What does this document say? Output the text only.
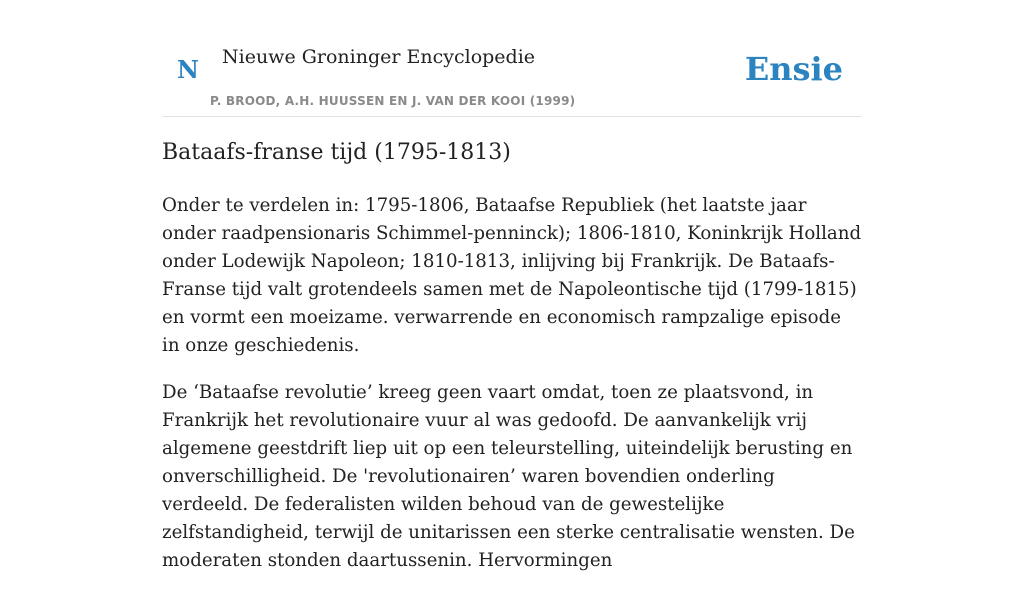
N Nieuwe Groninger Encyclopedie
P. BROOD, A.H. HUUSSEN EN J. VAN DER KOOI (1999)
Ensie
Bataafs-franse tijd (1795-1813)

Onder te verdelen in: 1795-1806, Bataafse Republiek (het laatste jaar onder raadpensionaris Schimmel-penninck); 1806-1810, Koninkrijk Holland onder Lodewijk Napoleon; 1810-1813, inlijving bij Frankrijk. De Bataafs-Franse tijd valt grotendeels samen met de Napoleontische tijd (1799-1815) en vormt een moeizame. verwarrende en economisch rampzalige episode in onze geschiedenis.

De ‘Bataafse revolutie’ kreeg geen vaart omdat, toen ze plaatsvond, in Frankrijk het revolutionaire vuur al was gedoofd. De aanvankelijk vrij algemene geestdrift liep uit op een teleurstelling, uiteindelijk berusting en onverschilligheid. De 'revolutionairen’ waren bovendien onderling verdeeld. De federalisten wilden behoud van de gewestelijke zelfstandigheid, terwijl de unitarissen een sterke centralisatie wensten. De moderaten stonden daartussenin. Hervormingen
